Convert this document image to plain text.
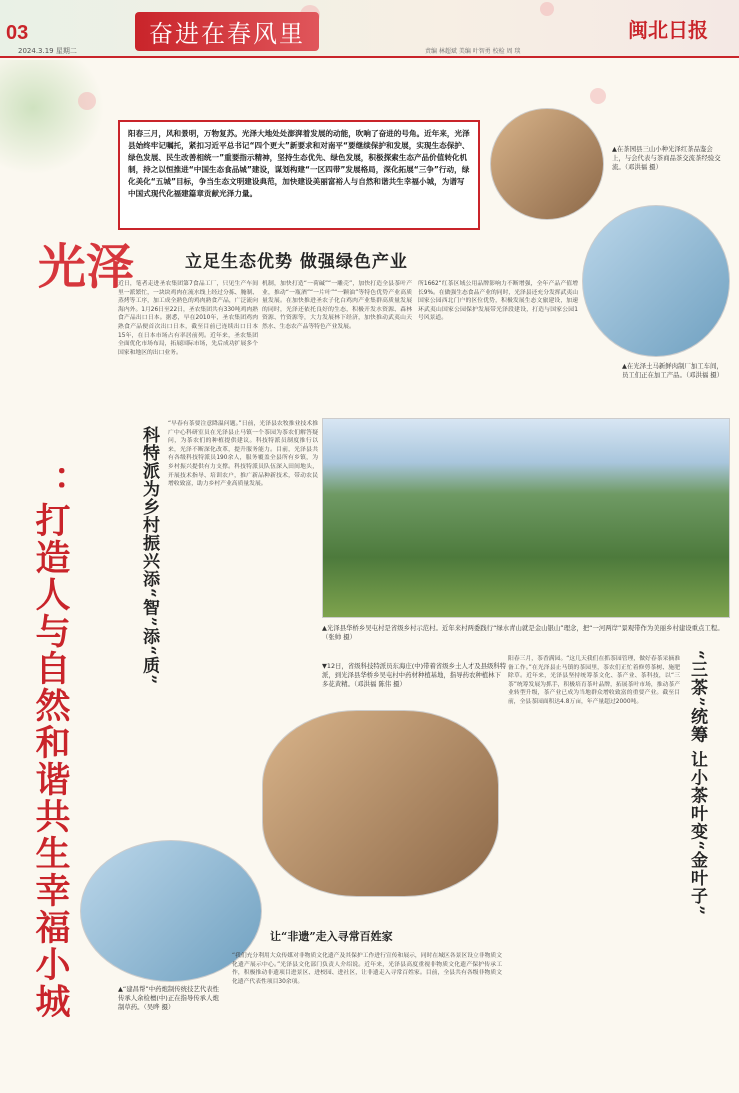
03
2024.3.19 星期二
奋进在春风里	闽北日报
责编 林超斌 美编 叶智勇 校检 周 琰
阳春三月，风和景明，万物复苏。光泽大地处处澎湃着发展的动能，吹响了奋进的号角。近年来，光泽县始终牢记嘱托，紧扣习近平总书记“四个更大”新要求和对南平“要继续保护和发展，实现生态保护、绿色发展、民生改善相统一”重要指示精神，坚持生态优先、绿色发展，积极探索生态产品价值转化机制，持之以恒推进“中国生态食品城”建设，谋划构建“一区四带”发展格局，深化拓展“三争”行动，绿化美化“五城”目标，争当生态文明建设典范，加快建设美丽富裕人与自然和谐共生幸福小城，为谱写中国式现代化福建篇章贡献光泽力量。
▲在茶园县三山小种光泽红茶品鉴会上，与会代表与茶商品茶交流茶经验交流。（邓洪福 摄）
▲在光泽土马新鲜肉制厂加工车间，员工们正在加工产品。（邓洪福 摄）
光泽	立足生态优势 做强绿色产业
近日，笔者走进圣农集团第7食品工厂，只见生产车间里一派繁忙，一块块鸡肉在流水线上经过分拣、腌制、蒸烤等工序，加工成全熟色的鸡肉熟食产品，广泛流向海内外。1月26日至22日，圣农集团共有330吨鸡肉熟食产品出口日本。据悉，早在2010年，圣农集团鸡肉熟食产品便首次出口日本，截至目前已连续出口日本15年，在日本市场占有率居前列。近年来，圣农集团全面优化市场布局，拓展国际市场，先后成功扩展多个国家和地区的出口业务。
机制，加快打造“一荷碱”“一雕壳”，加快打造全县茶叶产业，推动“一瓶酒”“一片叶”“一颗油”等特色优势产业高质量发展。在加快推进圣农子化白鸡肉产业集群高质量发展的同时，光泽还依托良好的生态，积极开发水资源、森林资源、竹资源等，大力发展林下经济，加快推动武夷山天然水、生态农产品等特色产业发展。
所1662“红茶区域公用品牌影响力不断增强，全年产品产值增长9%。在做强生态食品产业的同时，光泽县还充分发挥武夷山国家公园西北门户的区位优势，积极发展生态文旅建设，加速环武夷山国家公园保护发展带光泽段建设，打造与国家公园1号风景道。
：打造人与自然和谐共生幸福小城	科特派为乡村振兴添“智”添“质”
“早春有茶要注意降温问题。”日前，光泽县农牧推业技术推广中心科研室员在光泽县止马镇一个茶园为茶农们解答疑问，为茶农们的种植提供建议。科技特派员制度推行以来，光泽不断深化改革，提升服务能力。目前，光泽县共有各级科技特派员190余人，服务覆盖全县所有乡镇，为乡村振兴提供有力支撑。科技特派员队伍深入田间地头，开展技术指导、培训农户，推广新品种新技术，带动农民增收致富，助力乡村产业高质量发展。
▲光泽县华桥乡吴屯村是省级乡村示范村。近年来村两委践行“绿水青山就是金山银山”理念，把“一河两岸”景观带作为美丽乡村建设重点工程。（张帅 摄）
▼12日，省级科技特派员东海庄(中)带着省级乡土人才及县级科特派，到光泽县华桥乡吴屯村中药材种植基地，指导药农种植林下多花黄精。（邓洪福 陈伟 摄）
阳春三月，茶香满园。“这几天我们在抓茶园管理，做好春茶采摘准备工作。”在光泽县止马镇的茶园里，茶农们正忙着修剪茶树、施肥除草。近年来，光泽县坚持统筹茶文化、茶产业、茶科技，以“三茶”统筹发展为抓手，积极培育茶叶品牌，拓展茶叶市场，推动茶产业转型升级，茶产业已成为当地群众增收致富的重要产业。截至目前，全县茶园面积达4.8万亩，年产量超过2000吨。	“三茶”统筹 让小茶叶变“金叶子”
▲“建昌帮”中药炮制传统技艺代表性传承人余检檀(中)正在指导传承人炮制草药。（吴晔 摄）
让“非遗”走入寻常百姓家
“我们充分利用大众传媒对非物质文化遗产及其保护工作进行宣传和展示，同时在城区各景区设立非物质文化遗产展示中心。”光泽县文化部门负责人介绍说。近年来，光泽县高度重视非物质文化遗产保护传承工作，积极推动非遗项目进景区、进校园、进社区，让非遗走入寻常百姓家。目前，全县共有各级非物质文化遗产代表性项目30余项。
